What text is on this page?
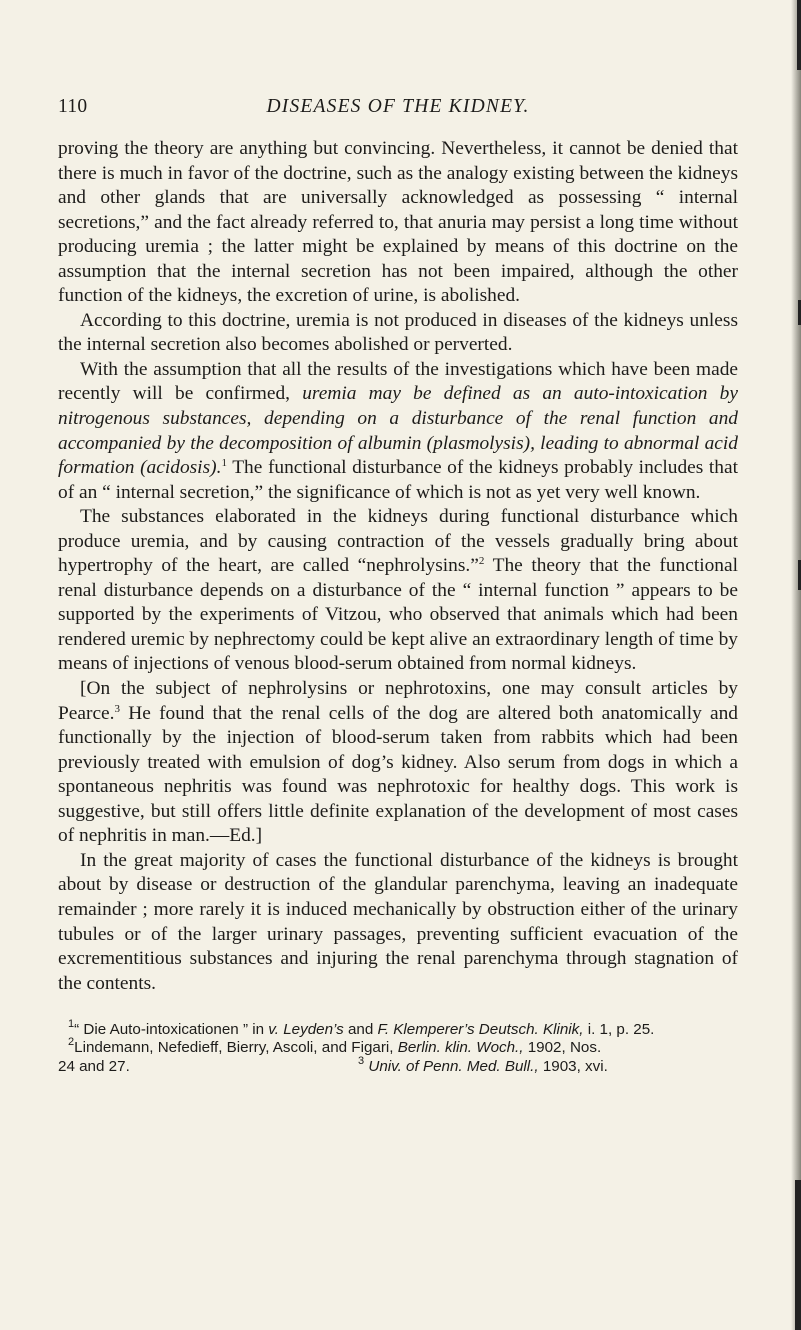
110	DISEASES OF THE KIDNEY.

proving the theory are anything but convincing. Nevertheless, it cannot be denied that there is much in favor of the doctrine, such as the analogy existing between the kidneys and other glands that are universally acknowledged as possessing “ internal secretions,” and the fact already referred to, that anuria may persist a long time without producing uremia ; the latter might be explained by means of this doctrine on the assumption that the internal secretion has not been impaired, although the other function of the kidneys, the excretion of urine, is abolished.

According to this doctrine, uremia is not produced in diseases of the kidneys unless the internal secretion also becomes abolished or perverted.

With the assumption that all the results of the investigations which have been made recently will be confirmed, uremia may be defined as an auto-intoxication by nitrogenous substances, depending on a disturbance of the renal function and accompanied by the decomposition of albumin (plasmolysis), leading to abnormal acid formation (acidosis).$^1$ The functional disturbance of the kidneys probably includes that of an “ internal secretion,” the significance of which is not as yet very well known.

The substances elaborated in the kidneys during functional disturbance which produce uremia, and by causing contraction of the vessels gradually bring about hypertrophy of the heart, are called “nephrolysins.”$^2$ The theory that the functional renal disturbance depends on a disturbance of the “ internal function ” appears to be supported by the experiments of Vitzou, who observed that animals which had been rendered uremic by nephrectomy could be kept alive an extraordinary length of time by means of injections of venous blood-serum obtained from normal kidneys.

[On the subject of nephrolysins or nephrotoxins, one may consult articles by Pearce.$^3$ He found that the renal cells of the dog are altered both anatomically and functionally by the injection of blood-serum taken from rabbits which had been previously treated with emulsion of dog’s kidney. Also serum from dogs in which a spontaneous nephritis was found was nephrotoxic for healthy dogs. This work is suggestive, but still offers little definite explanation of the development of most cases of nephritis in man.—Ed.]

In the great majority of cases the functional disturbance of the kidneys is brought about by disease or destruction of the glandular parenchyma, leaving an inadequate remainder ; more rarely it is induced mechanically by obstruction either of the urinary tubules or of the larger urinary passages, preventing sufficient evacuation of the excrementitious substances and injuring the renal parenchyma through stagnation of the contents.

$^1$“ Die Auto-intoxicationen ” in v. Leyden’s and F. Klemperer’s Deutsch. Klinik, i. 1, p. 25.

$^2$Lindemann, Nefedieff, Bierry, Ascoli, and Figari, Berlin. klin. Woch., 1902, Nos.

24 and 27.	$^3$ Univ. of Penn. Med. Bull., 1903, xvi.
